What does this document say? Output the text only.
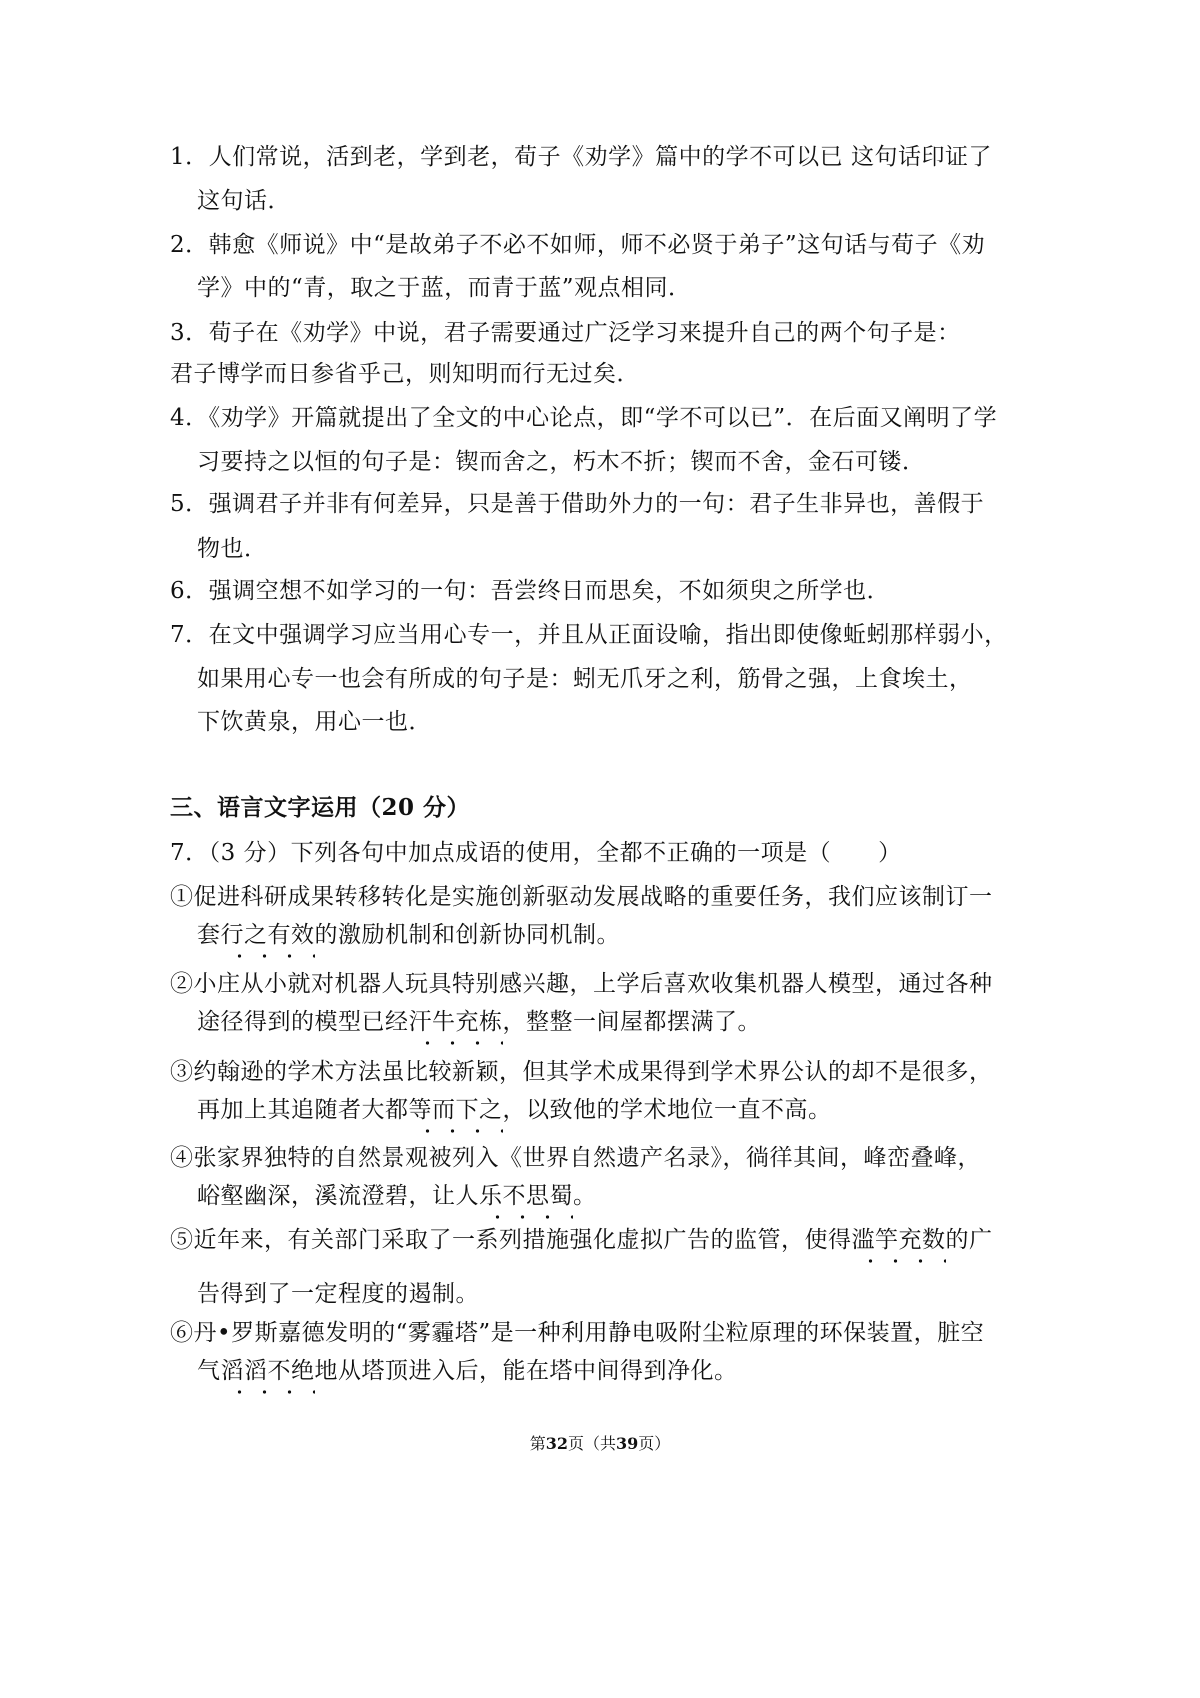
1．人们常说，活到老，学到老，荀子《劝学》篇中的学不可以已 这句话印证了
这句话．
2．韩愈《师说》中“是故弟子不必不如师，师不必贤于弟子”这句话与荀子《劝
学》中的“青，取之于蓝，而青于蓝”观点相同．
3．荀子在《劝学》中说，君子需要通过广泛学习来提升自己的两个句子是：
君子博学而日参省乎己，则知明而行无过矣．
4．《劝学》开篇就提出了全文的中心论点，即“学不可以已”．在后面又阐明了学
习要持之以恒的句子是：锲而舍之，朽木不折；锲而不舍，金石可镂．
5．强调君子并非有何差异，只是善于借助外力的一句：君子生非异也，善假于
物也．
6．强调空想不如学习的一句：吾尝终日而思矣，不如须臾之所学也．
7．在文中强调学习应当用心专一，并且从正面设喻，指出即使像蚯蚓那样弱小，
如果用心专一也会有所成的句子是：蚓无爪牙之利，筋骨之强，上食埃土，
下饮黄泉，用心一也．
三、语言文字运用（20 分）
7．（3 分）下列各句中加点成语的使用，全都不正确的一项是（　　）
①促进科研成果转移转化是实施创新驱动发展战略的重要任务，我们应该制订一
套行之有效的激励机制和创新协同机制。
②小庄从小就对机器人玩具特别感兴趣，上学后喜欢收集机器人模型，通过各种
途径得到的模型已经汗牛充栋，整整一间屋都摆满了。
③约翰逊的学术方法虽比较新颖，但其学术成果得到学术界公认的却不是很多，
再加上其追随者大都等而下之，以致他的学术地位一直不高。
④张家界独特的自然景观被列入《世界自然遗产名录》，徜徉其间，峰峦叠峰，
峪壑幽深，溪流澄碧，让人乐不思蜀。
⑤近年来，有关部门采取了一系列措施强化虚拟广告的监管，使得滥竽充数的广
告得到了一定程度的遏制。
⑥丹•罗斯嘉德发明的“雾霾塔”是一种利用静电吸附尘粒原理的环保装置，脏空
气滔滔不绝地从塔顶进入后，能在塔中间得到净化。
第32页（共39页）
